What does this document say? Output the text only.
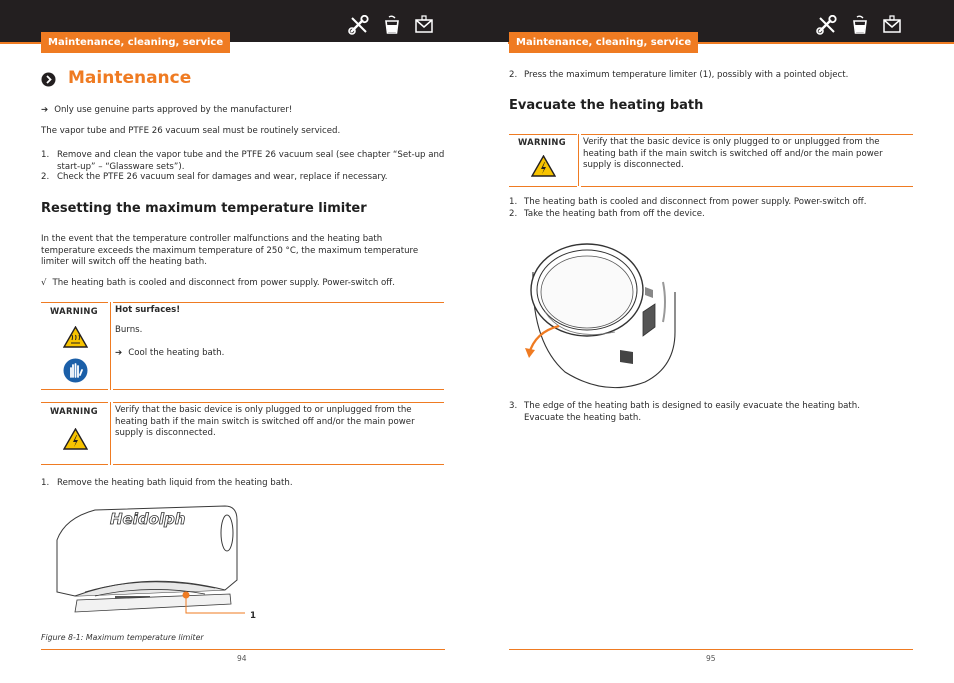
Maintenance, cleaning, service	Maintenance, cleaning, service
Maintenance
➔ Only use genuine parts approved by the manufacturer!
The vapor tube and PTFE 26 vacuum seal must be routinely serviced.
1. Remove and clean the vapor tube and the PTFE 26 vacuum seal (see chapter “Set-up and start-up” – “Glassware sets”).
2. Check the PTFE 26 vacuum seal for damages and wear, replace if necessary.
Resetting the maximum temperature limiter
In the event that the temperature controller malfunctions and the heating bath temperature exceeds the maximum temperature of 250 °C, the maximum temperature limiter will switch off the heating bath.
√ The heating bath is cooled and disconnect from power supply. Power-switch off.
WARNING Hot surfaces!
Burns.
➔ Cool the heating bath.
WARNING Verify that the basic device is only plugged to or unplugged from the heating bath if the main switch is switched off and/or the main power supply is disconnected.
1. Remove the heating bath liquid from the heating bath.
Heidolph
1
Figure 8-1: Maximum temperature limiter
94
2. Press the maximum temperature limiter (1), possibly with a pointed object.
Evacuate the heating bath
WARNING Verify that the basic device is only plugged to or unplugged from the heating bath if the main switch is switched off and/or the main power supply is disconnected.
1. The heating bath is cooled and disconnect from power supply. Power-switch off.
2. Take the heating bath from off the device.
3. The edge of the heating bath is designed to easily evacuate the heating bath. Evacuate the heating bath.
95
